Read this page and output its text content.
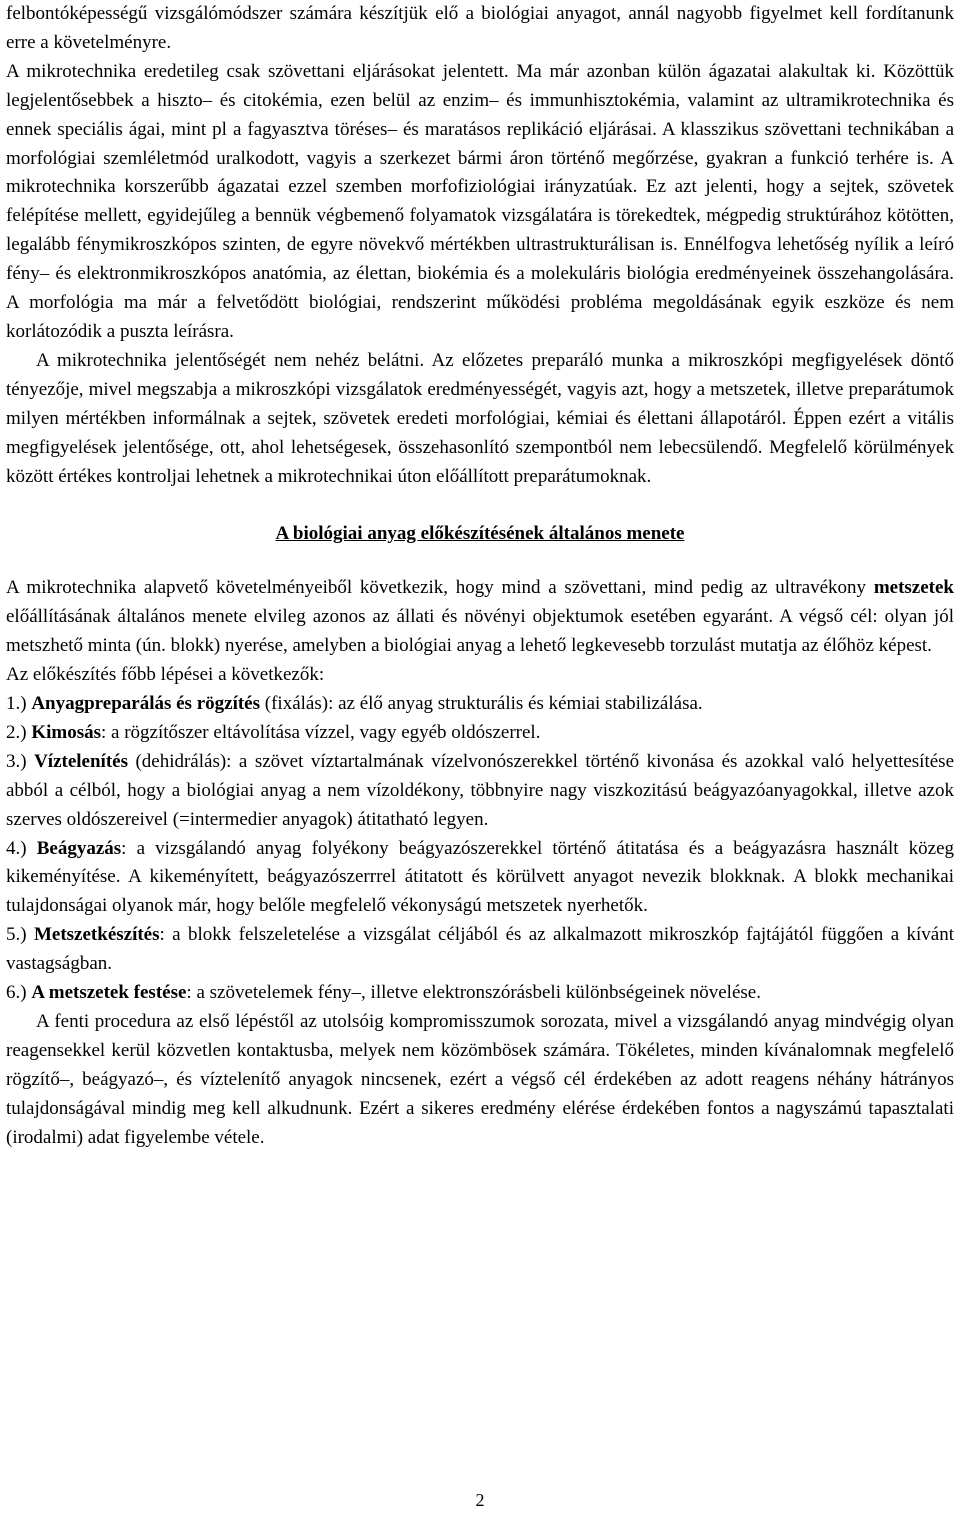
felbontóképességű vizsgálómódszer számára készítjük elő a biológiai anyagot, annál nagyobb figyelmet kell fordítanunk erre a követelményre.

A mikrotechnika eredetileg csak szövettani eljárásokat jelentett. Ma már azonban külön ágazatai alakultak ki. Közöttük legjelentősebbek a hiszto– és citokémia, ezen belül az enzim– és immunhisztokémia, valamint az ultramikrotechnika és ennek speciális ágai, mint pl a fagyasztva töréses– és maratásos replikáció eljárásai. A klasszikus szövettani technikában a morfológiai szemléletmód uralkodott, vagyis a szerkezet bármi áron történő megőrzése, gyakran a funkció terhére is. A mikrotechnika korszerűbb ágazatai ezzel szemben morfofiziológiai irányzatúak. Ez azt jelenti, hogy a sejtek, szövetek felépítése mellett, egyidejűleg a bennük végbemenő folyamatok vizsgálatára is törekedtek, mégpedig struktúrához kötötten, legalább fénymikroszkópos szinten, de egyre növekvő mértékben ultrastrukturálisan is. Ennélfogva lehetőség nyílik a leíró fény– és elektronmikroszkópos anatómia, az élettan, biokémia és a molekuláris biológia eredményeinek összehangolására. A morfológia ma már a felvetődött biológiai, rendszerint működési probléma megoldásának egyik eszköze és nem korlátozódik a puszta leírásra.

A mikrotechnika jelentőségét nem nehéz belátni. Az előzetes preparáló munka a mikroszkópi megfigyelések döntő tényezője, mivel megszabja a mikroszkópi vizsgálatok eredményességét, vagyis azt, hogy a metszetek, illetve preparátumok milyen mértékben informálnak a sejtek, szövetek eredeti morfológiai, kémiai és élettani állapotáról. Éppen ezért a vitális megfigyelések jelentősége, ott, ahol lehetségesek, összehasonlító szempontból nem lebecsülendő. Megfelelő körülmények között értékes kontroljai lehetnek a mikrotechnikai úton előállított preparátumoknak.

A biológiai anyag előkészítésének általános menete

A mikrotechnika alapvető követelményeiből következik, hogy mind a szövettani, mind pedig az ultravékony metszetek előállításának általános menete elvileg azonos az állati és növényi objektumok esetében egyaránt. A végső cél: olyan jól metszhető minta (ún. blokk) nyerése, amelyben a biológiai anyag a lehető legkevesebb torzulást mutatja az élőhöz képest.

Az előkészítés főbb lépései a következők:

1.) Anyagpreparálás és rögzítés (fixálás): az élő anyag strukturális és kémiai stabilizálása.

2.) Kimosás: a rögzítőszer eltávolítása vízzel, vagy egyéb oldószerrel.

3.) Víztelenítés (dehidrálás): a szövet víztartalmának vízelvonószerekkel történő kivonása és azokkal való helyettesítése abból a célból, hogy a biológiai anyag a nem vízoldékony, többnyire nagy viszkozitású beágyazóanyagokkal, illetve azok szerves oldószereivel (=intermedier anyagok) átitatható legyen.

4.) Beágyazás: a vizsgálandó anyag folyékony beágyazószerekkel történő átitatása és a beágyazásra használt közeg kikeményítése. A kikeményített, beágyazószerrrel átitatott és körülvett anyagot nevezik blokknak. A blokk mechanikai tulajdonságai olyanok már, hogy belőle megfelelő vékonyságú metszetek nyerhetők.

5.) Metszetkészítés: a blokk felszeletelése a vizsgálat céljából és az alkalmazott mikroszkóp fajtájától függően a kívánt vastagságban.

6.) A metszetek festése: a szövetelemek fény–, illetve elektronszórásbeli különbségeinek növelése.

A fenti procedura az első lépéstől az utolsóig kompromisszumok sorozata, mivel a vizsgálandó anyag mindvégig olyan reagensekkel kerül közvetlen kontaktusba, melyek nem közömbösek számára. Tökéletes, minden kívánalomnak megfelelő rögzítő–, beágyazó–, és víztelenítő anyagok nincsenek, ezért a végső cél érdekében az adott reagens néhány hátrányos tulajdonságával mindig meg kell alkudnunk. Ezért a sikeres eredmény elérése érdekében fontos a nagyszámú tapasztalati (irodalmi) adat figyelembe vétele.

2
